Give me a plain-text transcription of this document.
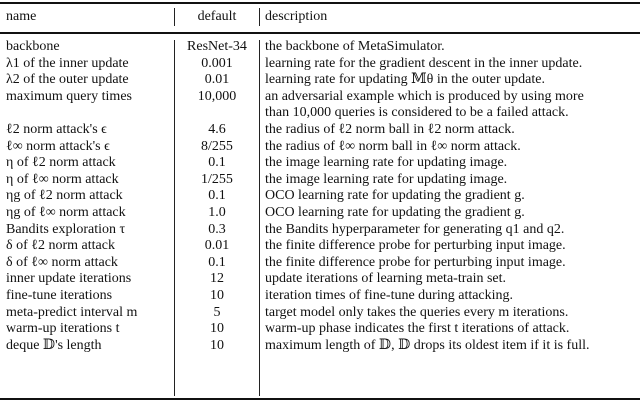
name	default	description
backbone	ResNet-34	the backbone of MetaSimulator.
λ1 of the inner update	0.001	learning rate for the gradient descent in the inner update.
λ2 of the outer update	0.01	learning rate for updating 𝕄θ in the outer update.
maximum query times	10,000	an adversarial example which is produced by using more
than 10,000 queries is considered to be a failed attack.
ℓ2 norm attack's ϵ	4.6	the radius of ℓ2 norm ball in ℓ2 norm attack.
ℓ∞ norm attack's ϵ	8/255	the radius of ℓ∞ norm ball in ℓ∞ norm attack.
η of ℓ2 norm attack	0.1	the image learning rate for updating image.
η of ℓ∞ norm attack	1/255	the image learning rate for updating image.
ηg of ℓ2 norm attack	0.1	OCO learning rate for updating the gradient g.
ηg of ℓ∞ norm attack	1.0	OCO learning rate for updating the gradient g.
Bandits exploration τ	0.3	the Bandits hyperparameter for generating q1 and q2.
δ of ℓ2 norm attack	0.01	the finite difference probe for perturbing input image.
δ of ℓ∞ norm attack	0.1	the finite difference probe for perturbing input image.
inner update iterations	12	update iterations of learning meta-train set.
fine-tune iterations	10	iteration times of fine-tune during attacking.
meta-predict interval m	5	target model only takes the queries every m iterations.
warm-up iterations t	10	warm-up phase indicates the first t iterations of attack.
deque 𝔻's length	10	maximum length of 𝔻, 𝔻 drops its oldest item if it is full.
